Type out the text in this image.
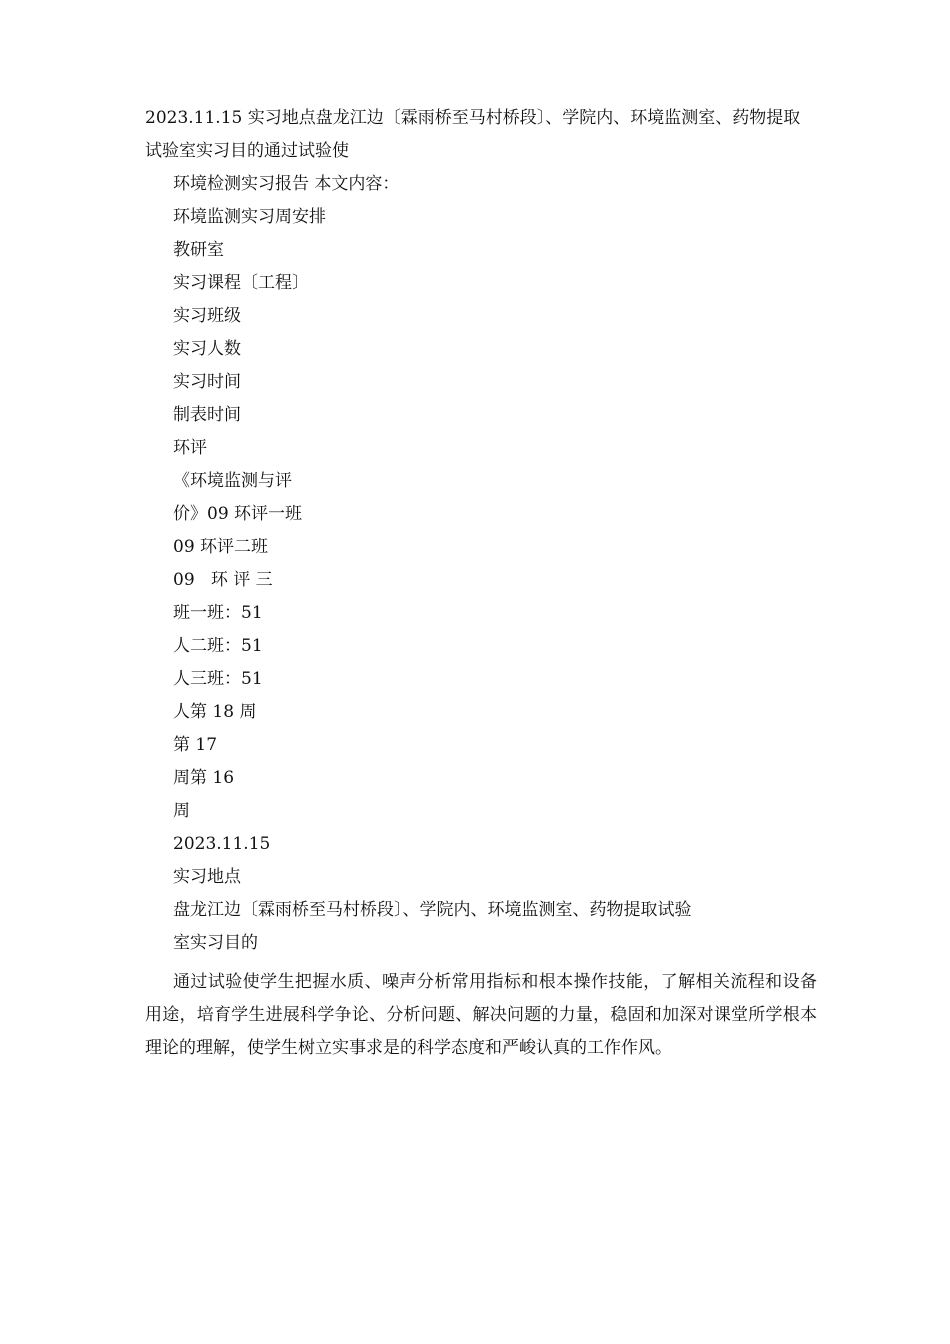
2023.11.15 实习地点盘龙江边〔霖雨桥至马村桥段〕、学院内、环境监测室、药物提取试验室实习目的通过试验使

环境检测实习报告 本文内容：
环境监测实习周安排
教研室
实习课程〔工程〕
实习班级
实习人数
实习时间
制表时间
环评
《环境监测与评
价》09 环评一班
09 环评二班
09   环 评 三
班一班：51
人二班：51
人三班：51
人第 18 周
第 17
周第 16
周
2023.11.15
实习地点
盘龙江边〔霖雨桥至马村桥段〕、学院内、环境监测室、药物提取试验
室实习目的

通过试验使学生把握水质、噪声分析常用指标和根本操作技能，了解相关流程和设备用途，培育学生进展科学争论、分析问题、解决问题的力量，稳固和加深对课堂所学根本理论的理解，使学生树立实事求是的科学态度和严峻认真的工作作风。
